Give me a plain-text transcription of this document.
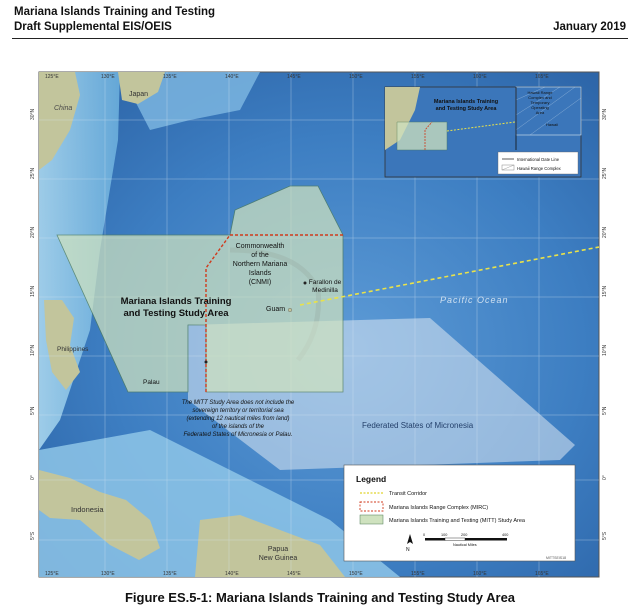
Mariana Islands Training and Testing
Draft Supplemental EIS/OEIS	January 2019
125°E	130°E	135°E	140°E	145°E	150°E	155°E	160°E	165°E
125°E	130°E	135°E	140°E	145°E	150°E	155°E	160°E	165°E
30°N
25°N
20°N
15°N
10°N
5°N
0°
5°S
30°N
25°N
20°N
15°N
10°N
5°N
0°
5°S
Japan
China
Philippines
Palau
Guam
Commonwealth
of the
Northern Mariana
Islands
(CNMI)	Farallon de
Medinilla
Mariana Islands Training
and Testing Study Area
Pacific Ocean
Federated States of Micronesia
Indonesia
Papua
New Guinea
The MITT Study Area does not include the
sovereign territory or territorial sea
(extending 12 nautical miles from land)
of the islands of the
Federated States of Micronesia or Palau.
Mariana Islands Training
and Testing Study Area
Hawaii Range
Complex and
Temporary
Operating
Area
Hawaii
International Date Line
Hawaii Range Complex
Legend
Transit Corridor
Mariana Islands Range Complex (MIRC)
Mariana Islands Training and Testing (MITT) Study Area
N
0	100	200	400
Nautical Miles
MITTSEIS18
Figure ES.5-1: Mariana Islands Training and Testing Study Area
